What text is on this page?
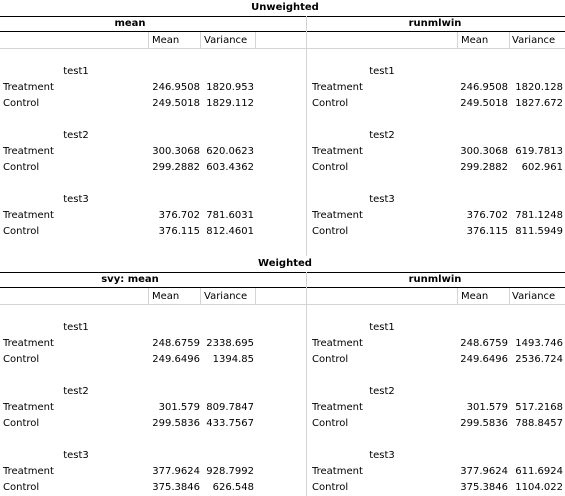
Unweighted
mean	runmlwin
Mean	Variance	Mean	Variance
test1	test1
Treatment	246.9508 1820.953	Treatment	246.9508 1820.128
Control	249.5018 1829.112	Control	249.5018 1827.672
test2	test2
Treatment	300.3068 620.0623	Treatment	300.3068 619.7813
Control	299.2882 603.4362	Control	299.2882	602.961
test3	test3
Treatment	376.702 781.6031	Treatment	376.702 781.1248
Control	376.115 812.4601	Control	376.115 811.5949
Weighted
svy: mean	runmlwin
Mean	Variance	Mean	Variance
test1	test1
Treatment	248.6759 2338.695	Treatment	248.6759 1493.746
Control	249.6496	1394.85	Control	249.6496 2536.724
test2	test2
Treatment	301.579 809.7847	Treatment	301.579 517.2168
Control	299.5836 433.7567	Control	299.5836 788.8457
test3	test3
Treatment	377.9624 928.7992	Treatment	377.9624 611.6924
Control	375.3846	626.548	Control	375.3846 1104.022
